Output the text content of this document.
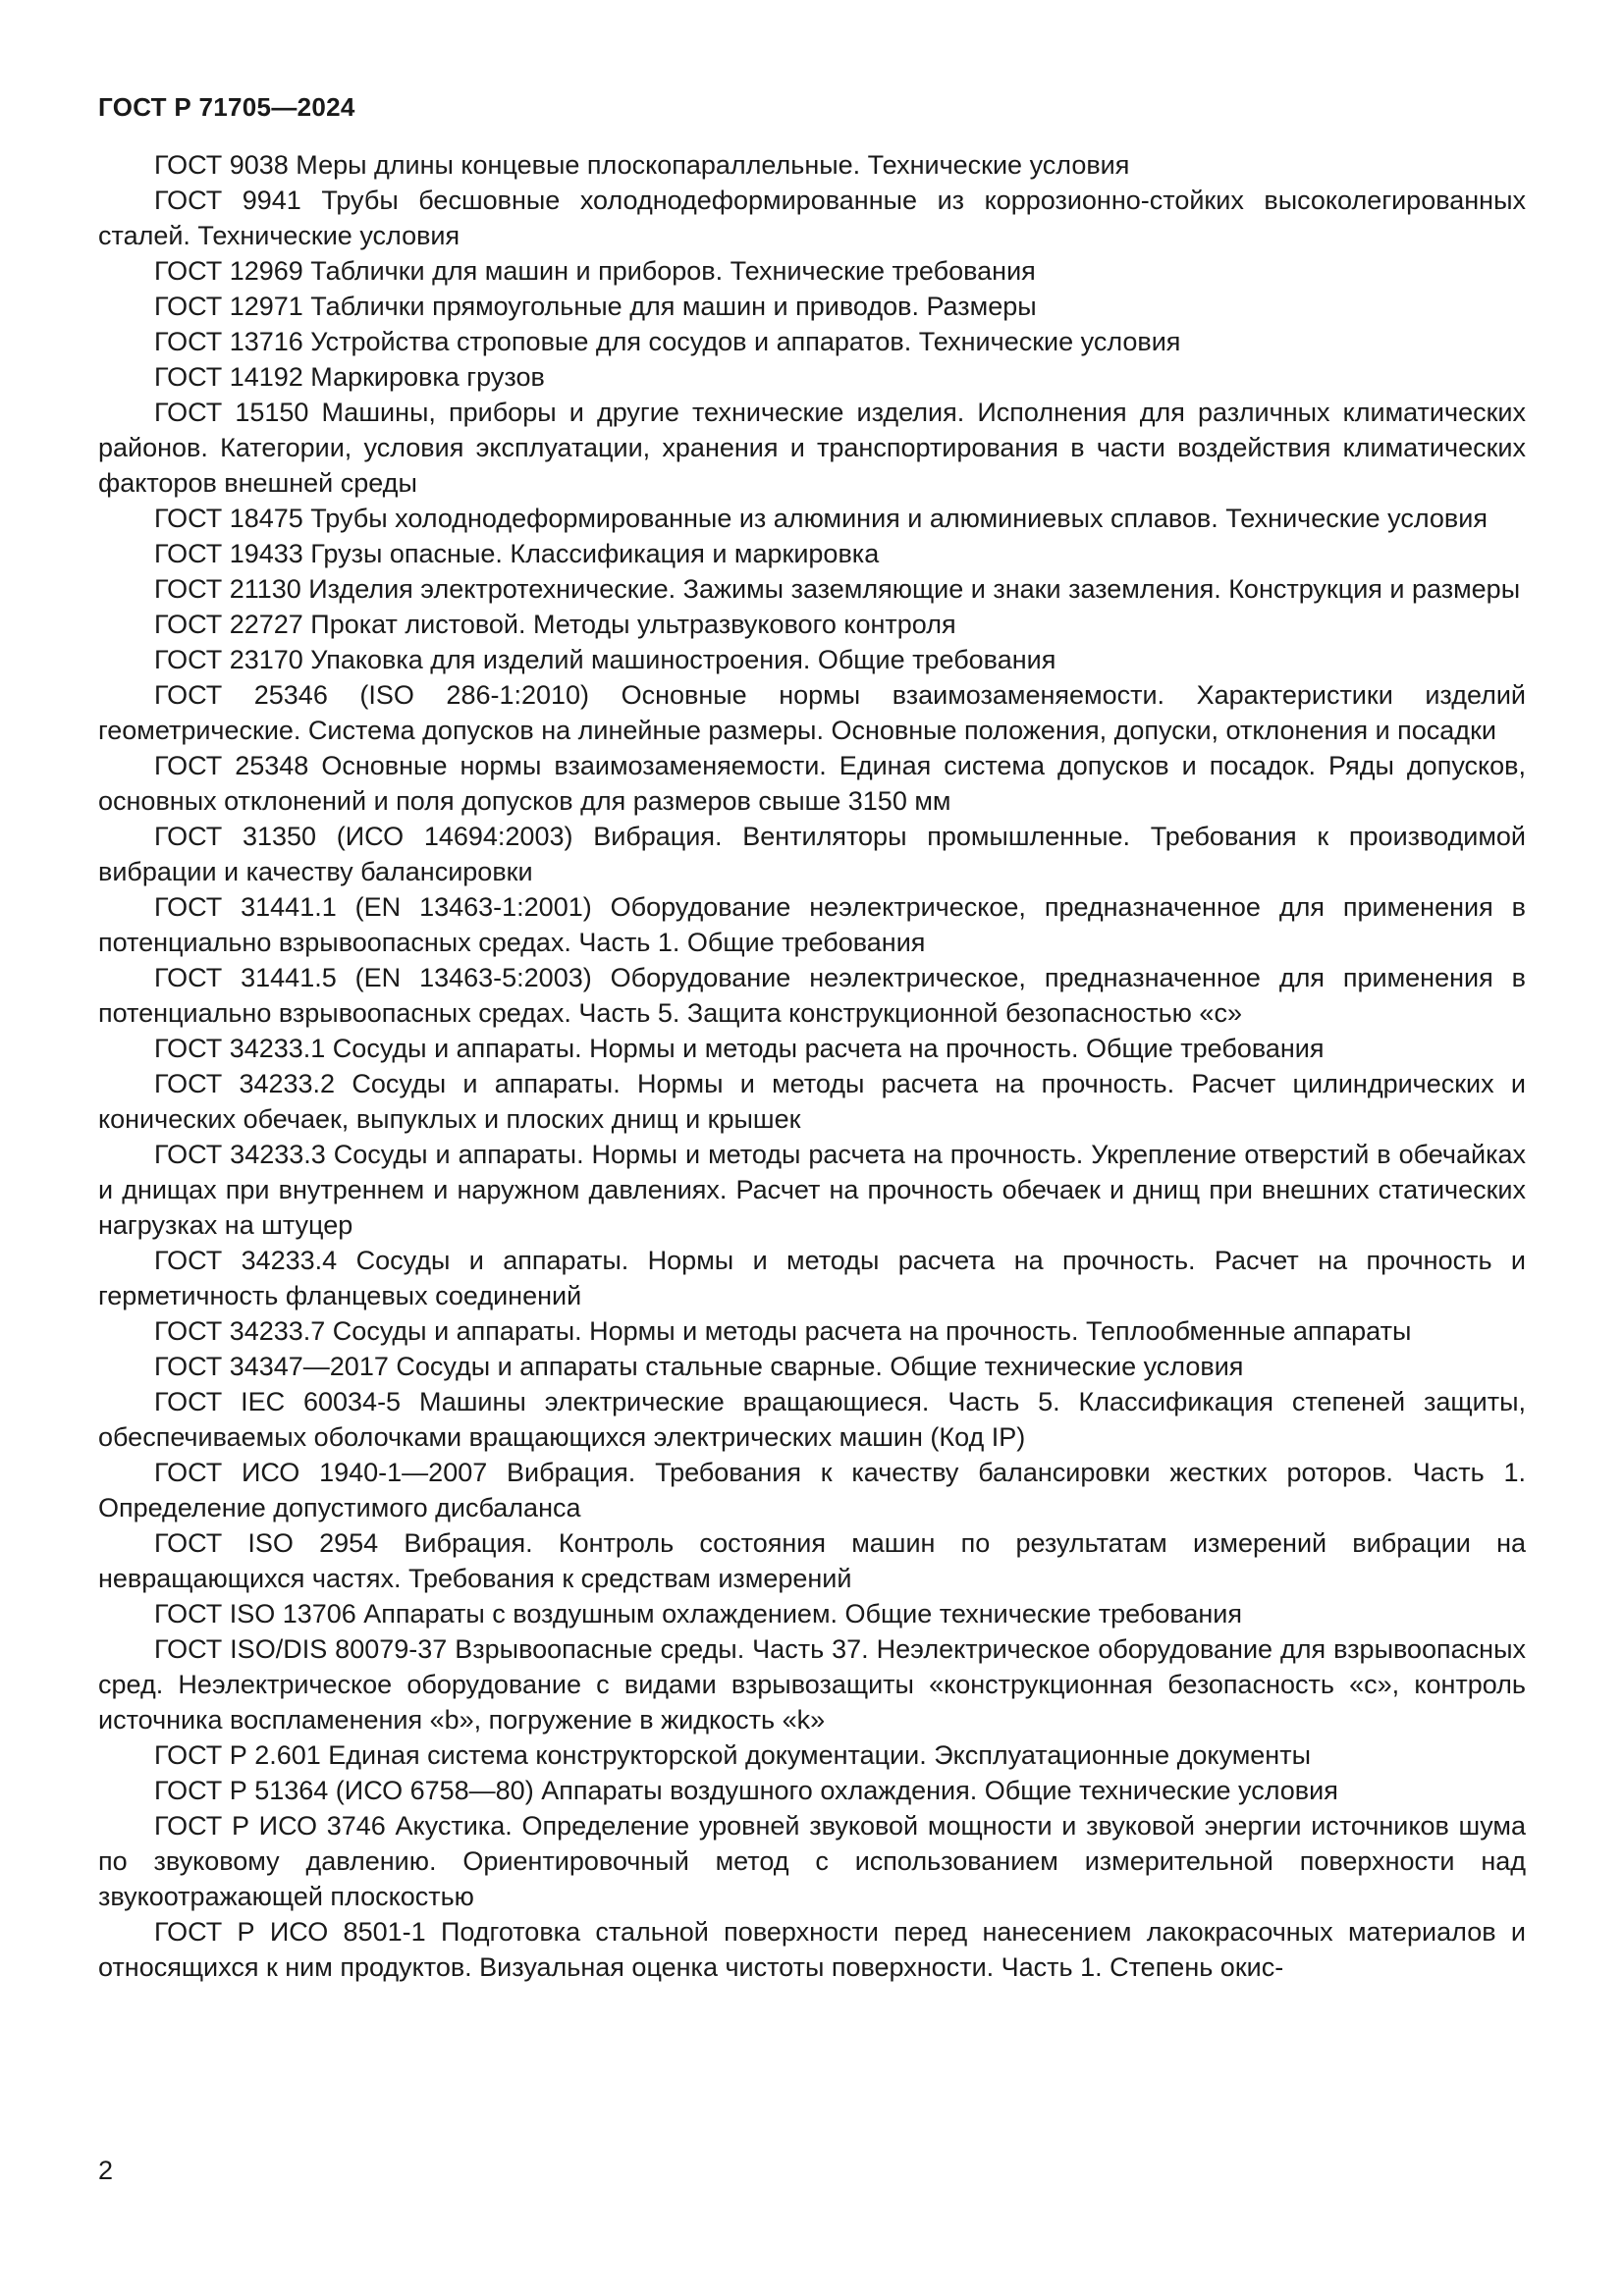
ГОСТ Р 71705—2024

ГОСТ 9038 Меры длины концевые плоскопараллельные. Технические условия

ГОСТ 9941 Трубы бесшовные холоднодеформированные из коррозионно-стойких высоколегированных сталей. Технические условия

ГОСТ 12969 Таблички для машин и приборов. Технические требования

ГОСТ 12971 Таблички прямоугольные для машин и приводов. Размеры

ГОСТ 13716 Устройства строповые для сосудов и аппаратов. Технические условия

ГОСТ 14192 Маркировка грузов

ГОСТ 15150 Машины, приборы и другие технические изделия. Исполнения для различных климатических районов. Категории, условия эксплуатации, хранения и транспортирования в части воздействия климатических факторов внешней среды

ГОСТ 18475 Трубы холоднодеформированные из алюминия и алюминиевых сплавов. Технические условия

ГОСТ 19433 Грузы опасные. Классификация и маркировка

ГОСТ 21130 Изделия электротехнические. Зажимы заземляющие и знаки заземления. Конструкция и размеры

ГОСТ 22727 Прокат листовой. Методы ультразвукового контроля

ГОСТ 23170 Упаковка для изделий машиностроения. Общие требования

ГОСТ 25346 (ISO 286-1:2010) Основные нормы взаимозаменяемости. Характеристики изделий геометрические. Система допусков на линейные размеры. Основные положения, допуски, отклонения и посадки

ГОСТ 25348 Основные нормы взаимозаменяемости. Единая система допусков и посадок. Ряды допусков, основных отклонений и поля допусков для размеров свыше 3150 мм

ГОСТ 31350 (ИСО 14694:2003) Вибрация. Вентиляторы промышленные. Требования к производимой вибрации и качеству балансировки

ГОСТ 31441.1 (EN 13463-1:2001) Оборудование неэлектрическое, предназначенное для применения в потенциально взрывоопасных средах. Часть 1. Общие требования

ГОСТ 31441.5 (EN 13463-5:2003) Оборудование неэлектрическое, предназначенное для применения в потенциально взрывоопасных средах. Часть 5. Защита конструкционной безопасностью «c»

ГОСТ 34233.1 Сосуды и аппараты. Нормы и методы расчета на прочность. Общие требования

ГОСТ 34233.2 Сосуды и аппараты. Нормы и методы расчета на прочность. Расчет цилиндрических и конических обечаек, выпуклых и плоских днищ и крышек

ГОСТ 34233.3 Сосуды и аппараты. Нормы и методы расчета на прочность. Укрепление отверстий в обечайках и днищах при внутреннем и наружном давлениях. Расчет на прочность обечаек и днищ при внешних статических нагрузках на штуцер

ГОСТ 34233.4 Сосуды и аппараты. Нормы и методы расчета на прочность. Расчет на прочность и герметичность фланцевых соединений

ГОСТ 34233.7 Сосуды и аппараты. Нормы и методы расчета на прочность. Теплообменные аппараты

ГОСТ 34347—2017 Сосуды и аппараты стальные сварные. Общие технические условия

ГОСТ IEC 60034-5 Машины электрические вращающиеся. Часть 5. Классификация степеней защиты, обеспечиваемых оболочками вращающихся электрических машин (Код IP)

ГОСТ ИСО 1940-1—2007 Вибрация. Требования к качеству балансировки жестких роторов. Часть 1. Определение допустимого дисбаланса

ГОСТ ISO 2954 Вибрация. Контроль состояния машин по результатам измерений вибрации на невращающихся частях. Требования к средствам измерений

ГОСТ ISO 13706 Аппараты с воздушным охлаждением. Общие технические требования

ГОСТ ISO/DIS 80079-37 Взрывоопасные среды. Часть 37. Неэлектрическое оборудование для взрывоопасных сред. Неэлектрическое оборудование с видами взрывозащиты «конструкционная безопасность «c», контроль источника воспламенения «b», погружение в жидкость «k»

ГОСТ Р 2.601 Единая система конструкторской документации. Эксплуатационные документы

ГОСТ Р 51364 (ИСО 6758—80) Аппараты воздушного охлаждения. Общие технические условия

ГОСТ Р ИСО 3746 Акустика. Определение уровней звуковой мощности и звуковой энергии источников шума по звуковому давлению. Ориентировочный метод с использованием измерительной поверхности над звукоотражающей плоскостью

ГОСТ Р ИСО 8501-1 Подготовка стальной поверхности перед нанесением лакокрасочных материалов и относящихся к ним продуктов. Визуальная оценка чистоты поверхности. Часть 1. Степень окис-

2
